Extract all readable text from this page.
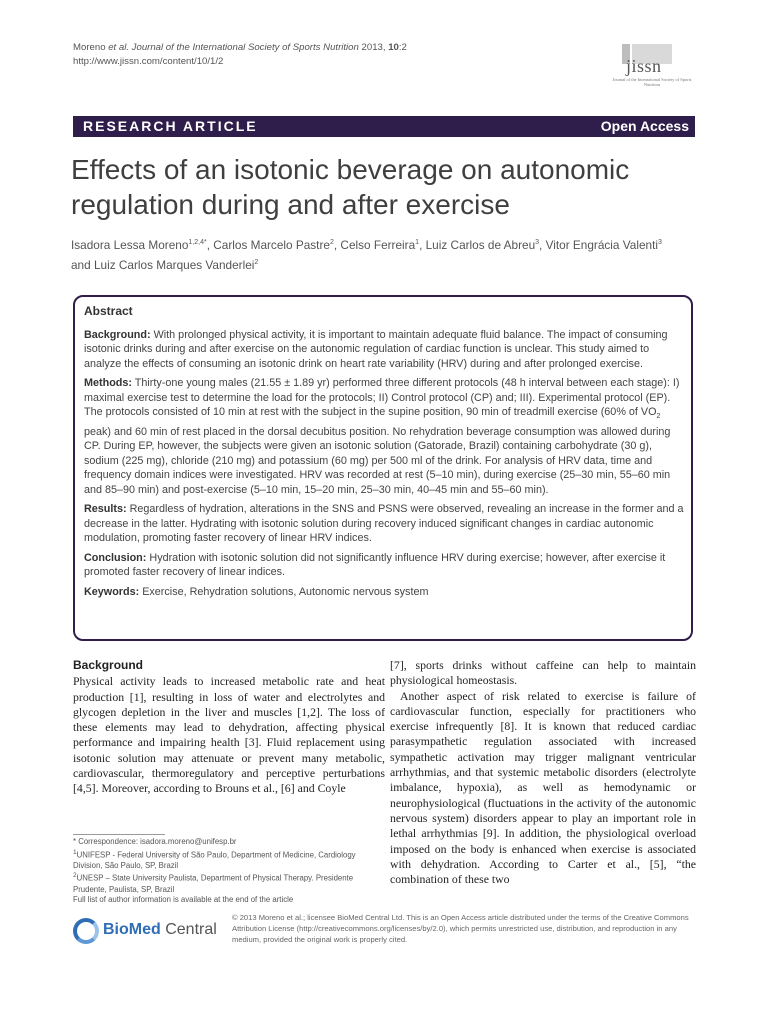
Moreno et al. Journal of the International Society of Sports Nutrition 2013, 10:2
http://www.jissn.com/content/10/1/2	jissn
Journal of the International Society of Sports Nutrition
RESEARCH ARTICLE	Open Access
Effects of an isotonic beverage on autonomic regulation during and after exercise
Isadora Lessa Moreno$^{1,2,4*}$, Carlos Marcelo Pastre$^2$, Celso Ferreira$^1$, Luiz Carlos de Abreu$^3$, Vitor Engrácia Valenti$^3$
and Luiz Carlos Marques Vanderlei$^2$
Abstract

Background: With prolonged physical activity, it is important to maintain adequate fluid balance. The impact of consuming isotonic drinks during and after exercise on the autonomic regulation of cardiac function is unclear. This study aimed to analyze the effects of consuming an isotonic drink on heart rate variability (HRV) during and after prolonged exercise.

Methods: Thirty-one young males (21.55 ± 1.89 yr) performed three different protocols (48 h interval between each stage): I) maximal exercise test to determine the load for the protocols; II) Control protocol (CP) and; III). Experimental protocol (EP). The protocols consisted of 10 min at rest with the subject in the supine position, 90 min of treadmill exercise (60% of $VO_2$ peak) and 60 min of rest placed in the dorsal decubitus position. No rehydration beverage consumption was allowed during CP. During EP, however, the subjects were given an isotonic solution (Gatorade, Brazil) containing carbohydrate (30 g), sodium (225 mg), chloride (210 mg) and potassium (60 mg) per 500 ml of the drink. For analysis of HRV data, time and frequency domain indices were investigated. HRV was recorded at rest (5–10 min), during exercise (25–30 min, 55–60 min and 85–90 min) and post-exercise (5–10 min, 15–20 min, 25–30 min, 40–45 min and 55–60 min).

Results: Regardless of hydration, alterations in the SNS and PSNS were observed, revealing an increase in the former and a decrease in the latter. Hydrating with isotonic solution during recovery induced significant changes in cardiac autonomic modulation, promoting faster recovery of linear HRV indices.

Conclusion: Hydration with isotonic solution did not significantly influence HRV during exercise; however, after exercise it promoted faster recovery of linear indices.

Keywords: Exercise, Rehydration solutions, Autonomic nervous system

Background

Physical activity leads to increased metabolic rate and heat production [1], resulting in loss of water and electrolytes and glycogen depletion in the liver and muscles [1,2]. The loss of these elements may lead to dehydration, affecting physical performance and impairing health [3]. Fluid replacement using isotonic solution may attenuate or prevent many metabolic, cardiovascular, thermoregulatory and perceptive perturbations [4,5]. Moreover, according to Brouns et al., [6] and Coyle

[7], sports drinks without caffeine can help to maintain physiological homeostasis.

Another aspect of risk related to exercise is failure of cardiovascular function, especially for practitioners who exercise infrequently [8]. It is known that reduced cardiac parasympathetic regulation associated with increased sympathetic activation may trigger malignant ventricular arrhythmias, and that systemic metabolic disorders (electrolyte imbalance, hypoxia), as well as hemodynamic or neurophysiological (fluctuations in the activity of the autonomic nervous system) disorders appear to play an important role in lethal arrhythmias [9]. In addition, the physiological overload imposed on the body is enhanced when exercise is associated with dehydration. According to Carter et al., [5], “the combination of these two

* Correspondence: isadora.moreno@unifesp.br

$^1$UNIFESP - Federal University of São Paulo, Department of Medicine, Cardiology Division, São Paulo, SP, Brazil

$^2$UNESP – State University Paulista, Department of Physical Therapy. Presidente Prudente, Paulista, SP, Brazil

Full list of author information is available at the end of the article

BioMed Central
© 2013 Moreno et al.; licensee BioMed Central Ltd. This is an Open Access article distributed under the terms of the Creative Commons Attribution License (http://creativecommons.org/licenses/by/2.0), which permits unrestricted use, distribution, and reproduction in any medium, provided the original work is properly cited.
